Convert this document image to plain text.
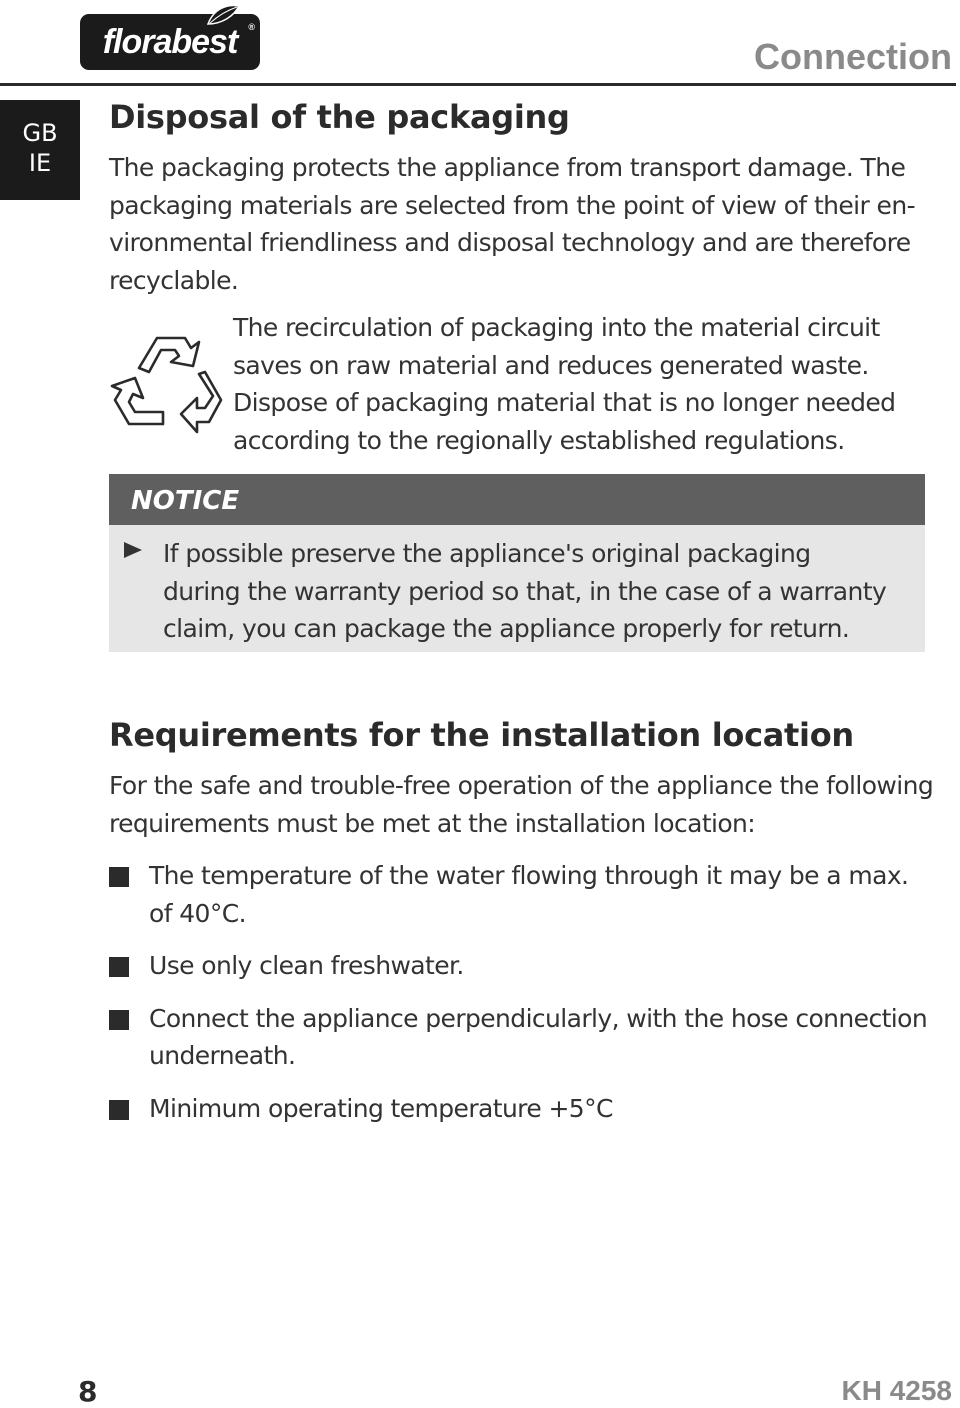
florabest ®
Connection
GB
IE
Disposal of the packaging

The packaging protects the appliance from transport damage. The
packaging materials are selected from the point of view of their en-
vironmental friendliness and disposal technology and are therefore
recyclable.

The recirculation of packaging into the material circuit
saves on raw material and reduces generated waste.
Dispose of packaging material that is no longer needed
according to the regionally established regulations.

NOTICE

If possible preserve the appliance's original packaging
during the warranty period so that, in the case of a warranty
claim, you can package the appliance properly for return.

Requirements for the installation location

For the safe and trouble-free operation of the appliance the following
requirements must be met at the installation location:

The temperature of the water flowing through it may be a max.
of 40°C.
Use only clean freshwater.
Connect the appliance perpendicularly, with the hose connection
underneath.
Minimum operating temperature +5°C
8	KH 4258
